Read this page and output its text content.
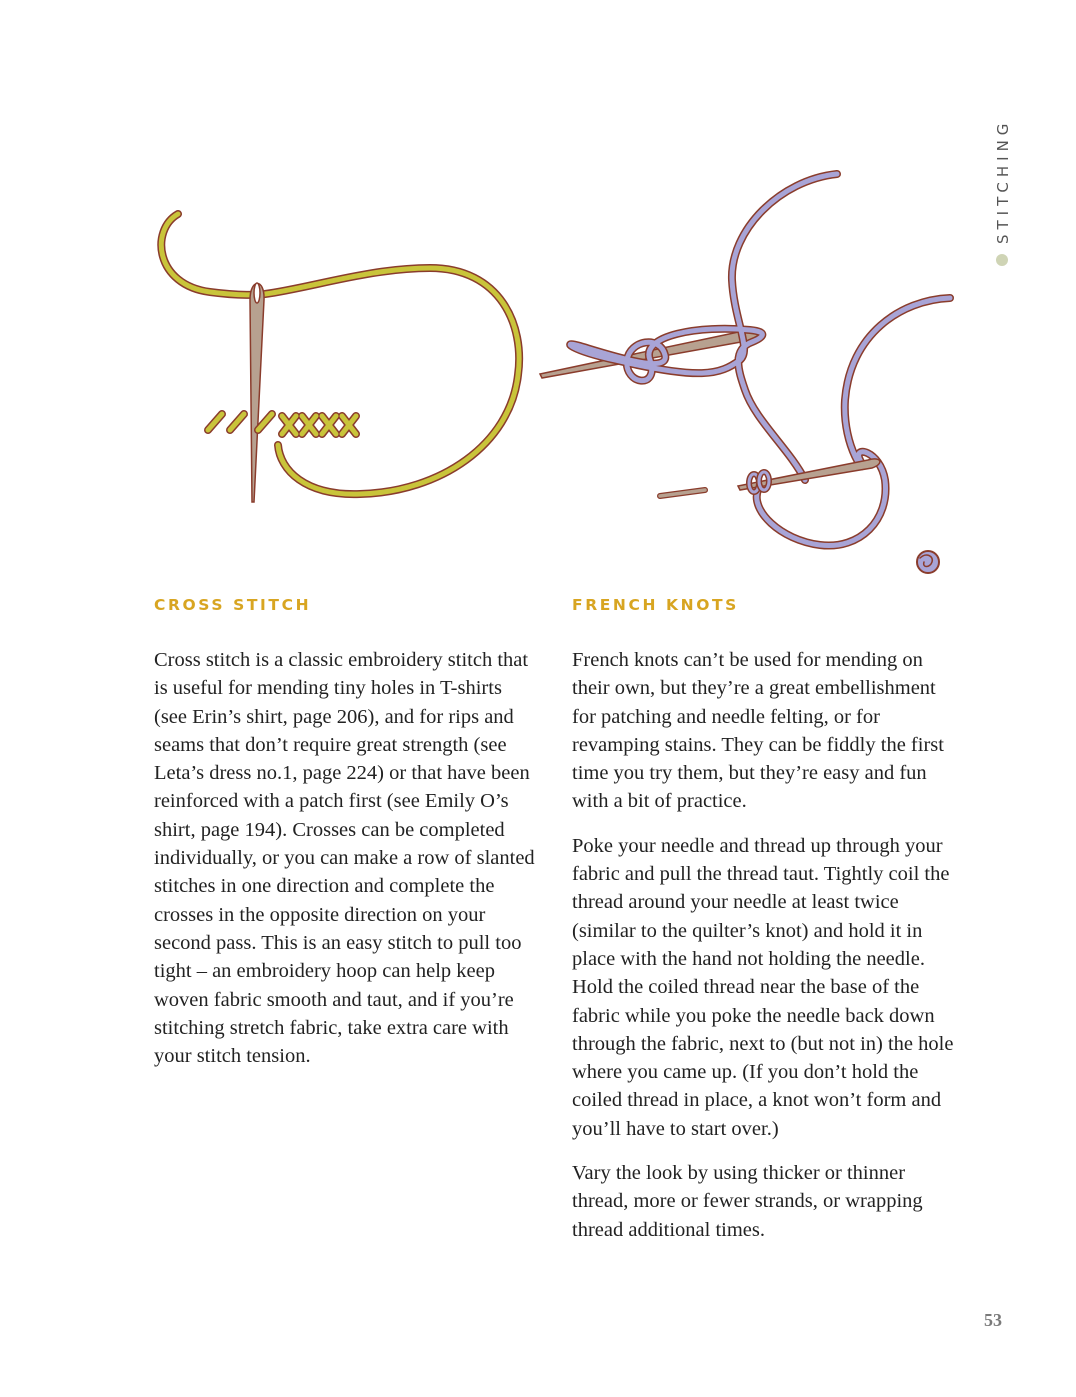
STITCHING
CROSS STITCH

Cross stitch is a classic embroidery stitch that is useful for mending tiny holes in T-shirts (see Erin’s shirt, page 206), and for rips and seams that don’t require great strength (see Leta’s dress no.1, page 224) or that have been reinforced with a patch first (see Emily O’s shirt, page 194). Crosses can be completed individually, or you can make a row of slanted stitches in one direction and complete the crosses in the opposite direction on your second pass. This is an easy stitch to pull too tight – an embroidery hoop can help keep woven fabric smooth and taut, and if you’re stitching stretch fabric, take extra care with your stitch tension.

FRENCH KNOTS

French knots can’t be used for mending on their own, but they’re a great embellishment for patching and needle felting, or for revamping stains. They can be fiddly the first time you try them, but they’re easy and fun with a bit of practice.

Poke your needle and thread up through your fabric and pull the thread taut. Tightly coil the thread around your needle at least twice (similar to the quilter’s knot) and hold it in place with the hand not holding the needle. Hold the coiled thread near the base of the fabric while you poke the needle back down through the fabric, next to (but not in) the hole where you came up. (If you don’t hold the coiled thread in place, a knot won’t form and you’ll have to start over.)

Vary the look by using thicker or thinner thread, more or fewer strands, or wrapping thread additional times.

53
